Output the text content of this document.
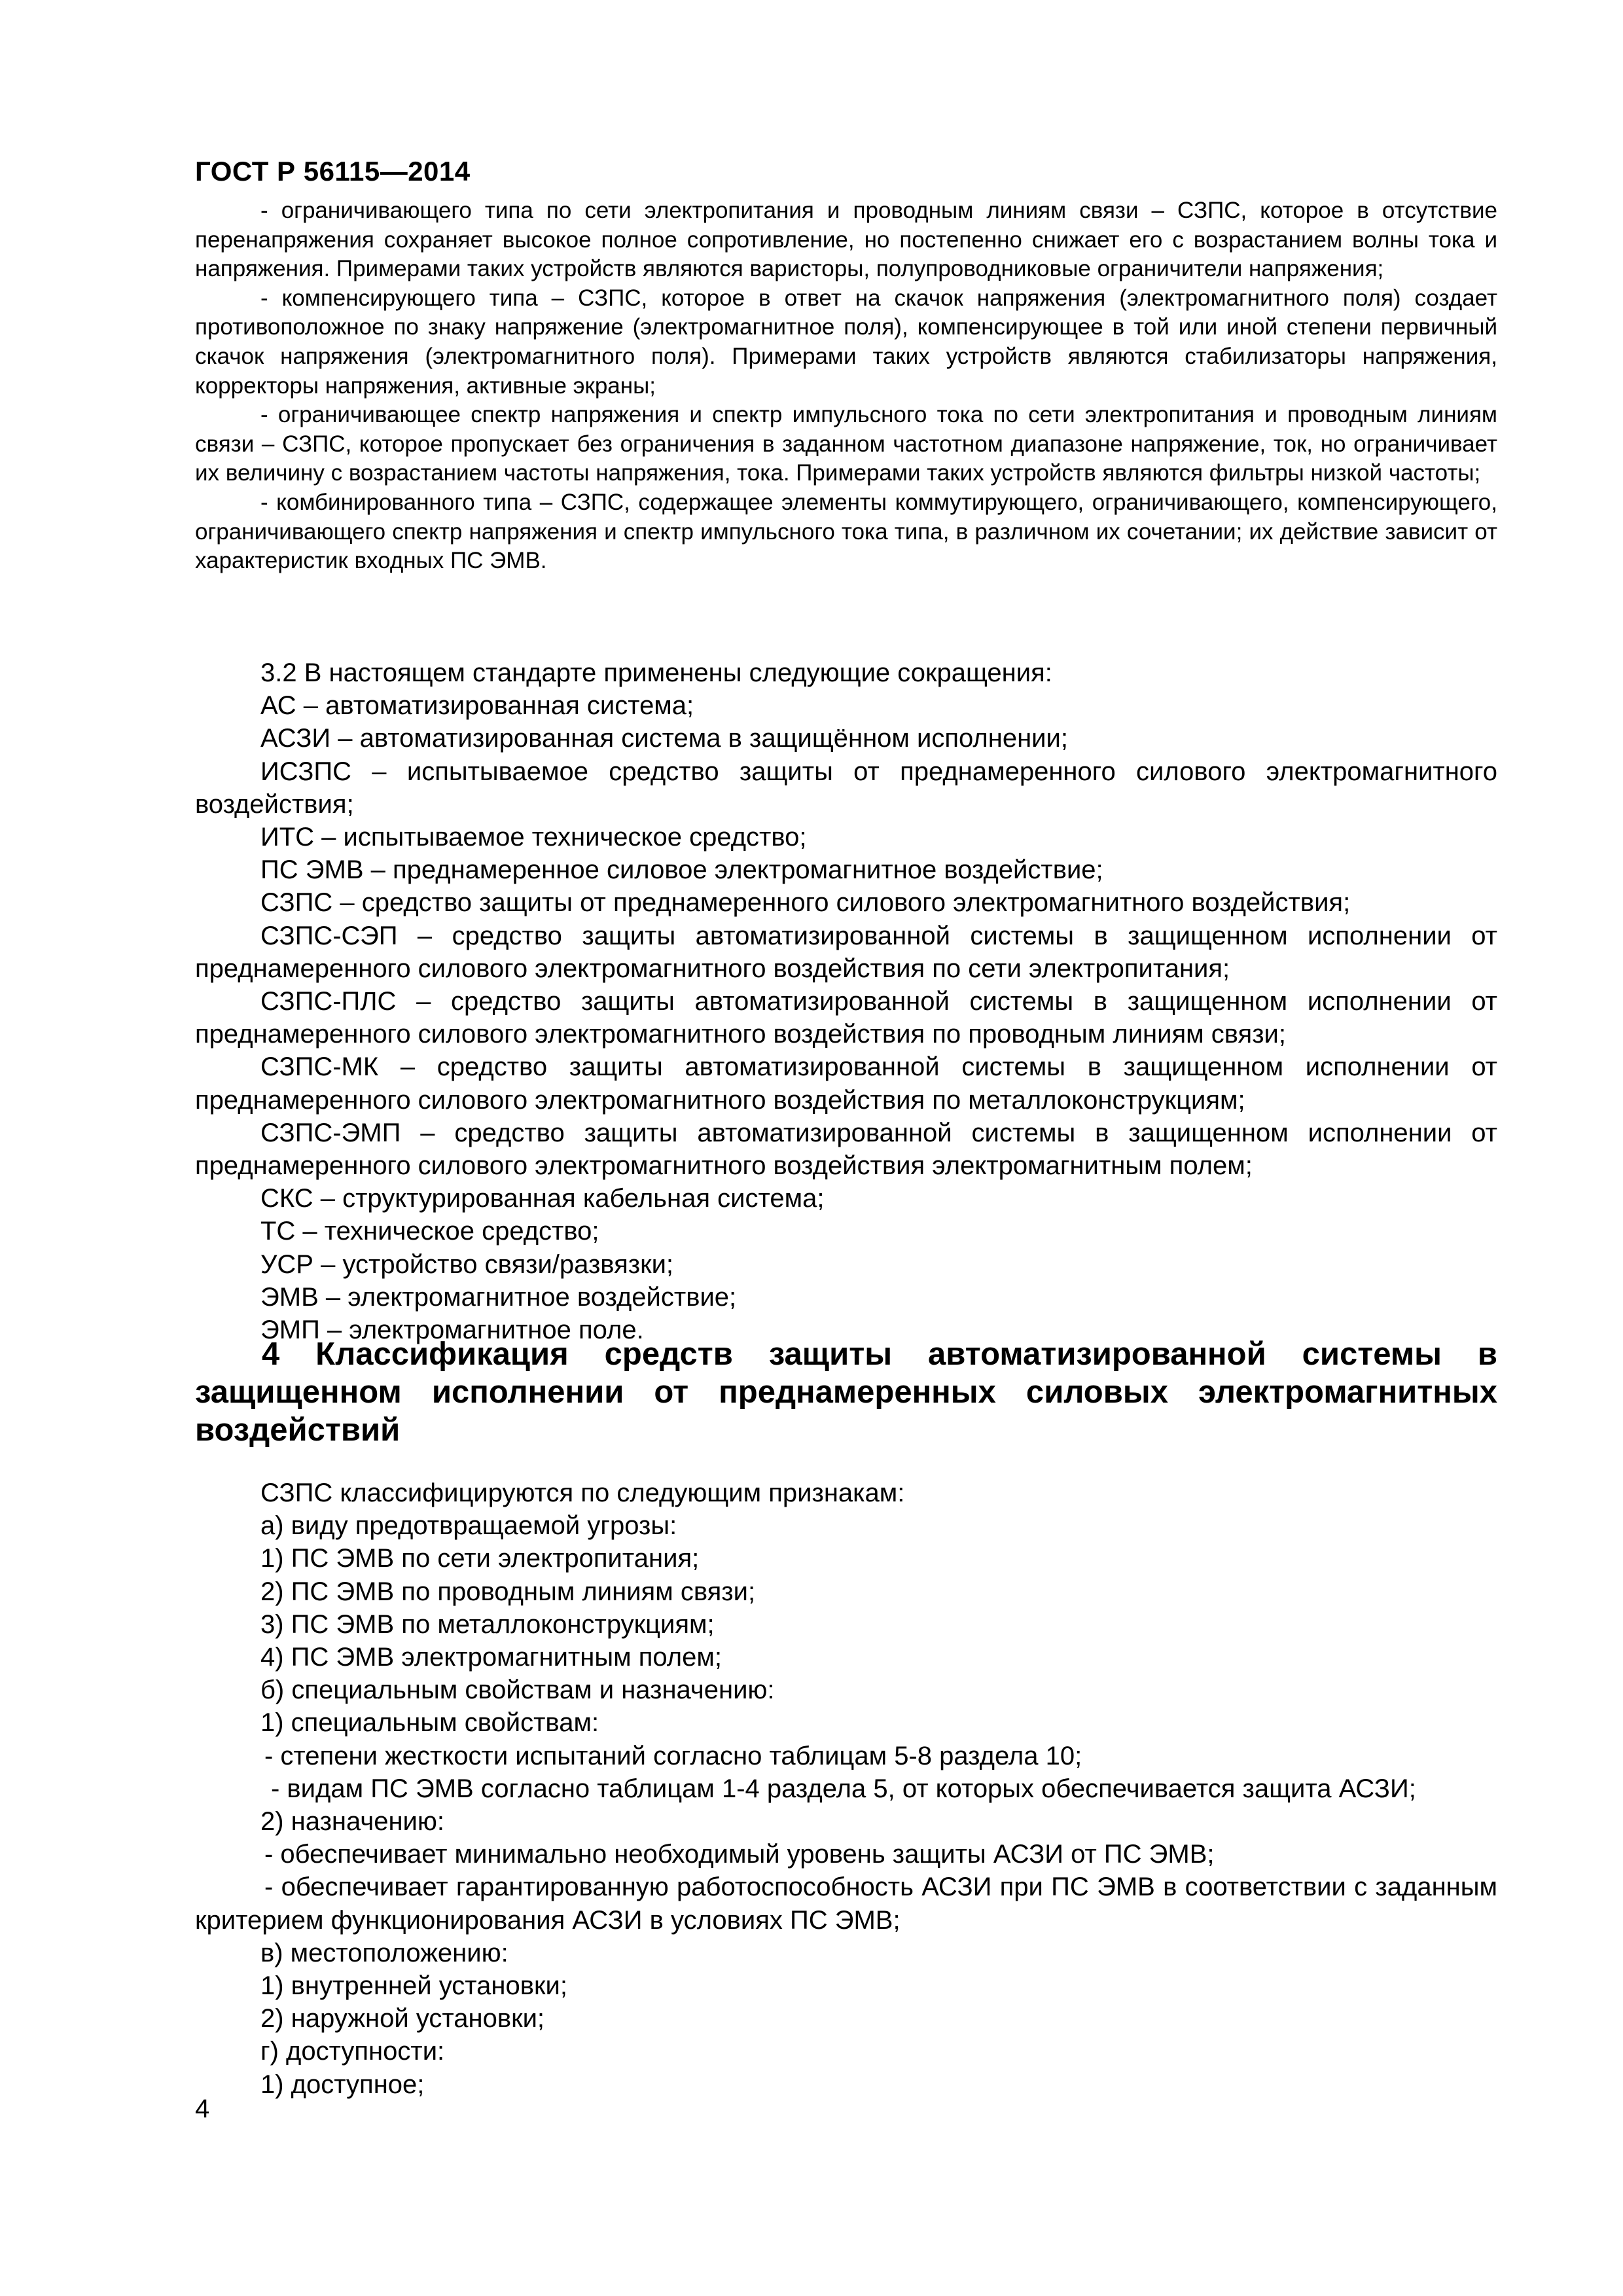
ГОСТ Р 56115—2014

- ограничивающего типа по сети электропитания и проводным линиям связи – СЗПС, которое в отсутствие перенапряжения сохраняет высокое полное сопротивление, но постепенно снижает его с возрастанием волны тока и напряжения. Примерами таких устройств являются варисторы, полупроводниковые ограничители напряжения;

- компенсирующего типа – СЗПС, которое в ответ на скачок напряжения (электромагнитного поля) создает противоположное по знаку напряжение (электромагнитное поля), компенсирующее в той или иной степени первичный скачок напряжения (электромагнитного поля). Примерами таких устройств являются стабилизаторы напряжения, корректоры напряжения, активные экраны;

- ограничивающее спектр напряжения и спектр импульсного тока по сети электропитания и проводным линиям связи – СЗПС, которое пропускает без ограничения в заданном частотном диапазоне напряжение, ток, но ограничивает их величину с возрастанием частоты напряжения, тока. Примерами таких устройств являются фильтры низкой частоты;

- комбинированного типа – СЗПС, содержащее элементы коммутирующего, ограничивающего, компенсирующего, ограничивающего спектр напряжения и спектр импульсного тока типа, в различном их сочетании; их действие зависит от характеристик входных ПС ЭМВ.

3.2 В настоящем стандарте применены следующие сокращения:

АС – автоматизированная система;

АСЗИ – автоматизированная система в защищённом исполнении;

ИСЗПС – испытываемое средство защиты от преднамеренного силового электромагнитного воздействия;

ИТС – испытываемое техническое средство;

ПС ЭМВ – преднамеренное силовое электромагнитное воздействие;

СЗПС – средство защиты от преднамеренного силового электромагнитного воздействия;

СЗПС-СЭП – средство защиты автоматизированной системы в защищенном исполнении от преднамеренного силового электромагнитного воздействия по сети электропитания;

СЗПС-ПЛС – средство защиты автоматизированной системы в защищенном исполнении от преднамеренного силового электромагнитного воздействия по проводным линиям связи;

СЗПС-МК – средство защиты автоматизированной системы в защищенном исполнении от преднамеренного силового электромагнитного воздействия по металлоконструкциям;

СЗПС-ЭМП – средство защиты автоматизированной системы в защищенном исполнении от преднамеренного силового электромагнитного воздействия электромагнитным полем;

СКС – структурированная кабельная система;

ТС – техническое средство;

УСР – устройство связи/развязки;

ЭМВ – электромагнитное воздействие;

ЭМП – электромагнитное поле.

4 Классификация средств защиты автоматизированной системы в
защищенном исполнении от преднамеренных силовых электромагнитных
воздействий

СЗПС классифицируются по следующим признакам:

а) виду предотвращаемой угрозы:

1) ПС ЭМВ по сети электропитания;

2) ПС ЭМВ по проводным линиям связи;

3) ПС ЭМВ по металлоконструкциям;

4) ПС ЭМВ электромагнитным полем;

б) специальным свойствам и назначению:

1) специальным свойствам:

- степени жесткости испытаний согласно таблицам 5-8 раздела 10;

- видам ПС ЭМВ согласно таблицам 1-4 раздела 5, от которых обеспечивается защита АСЗИ;

2) назначению:

- обеспечивает минимально необходимый уровень защиты АСЗИ от ПС ЭМВ;

- обеспечивает гарантированную работоспособность АСЗИ при ПС ЭМВ в соответствии с заданным критерием функционирования АСЗИ в условиях ПС ЭМВ;

в) местоположению:

1) внутренней установки;

2) наружной установки;

г) доступности:

1) доступное;

4
